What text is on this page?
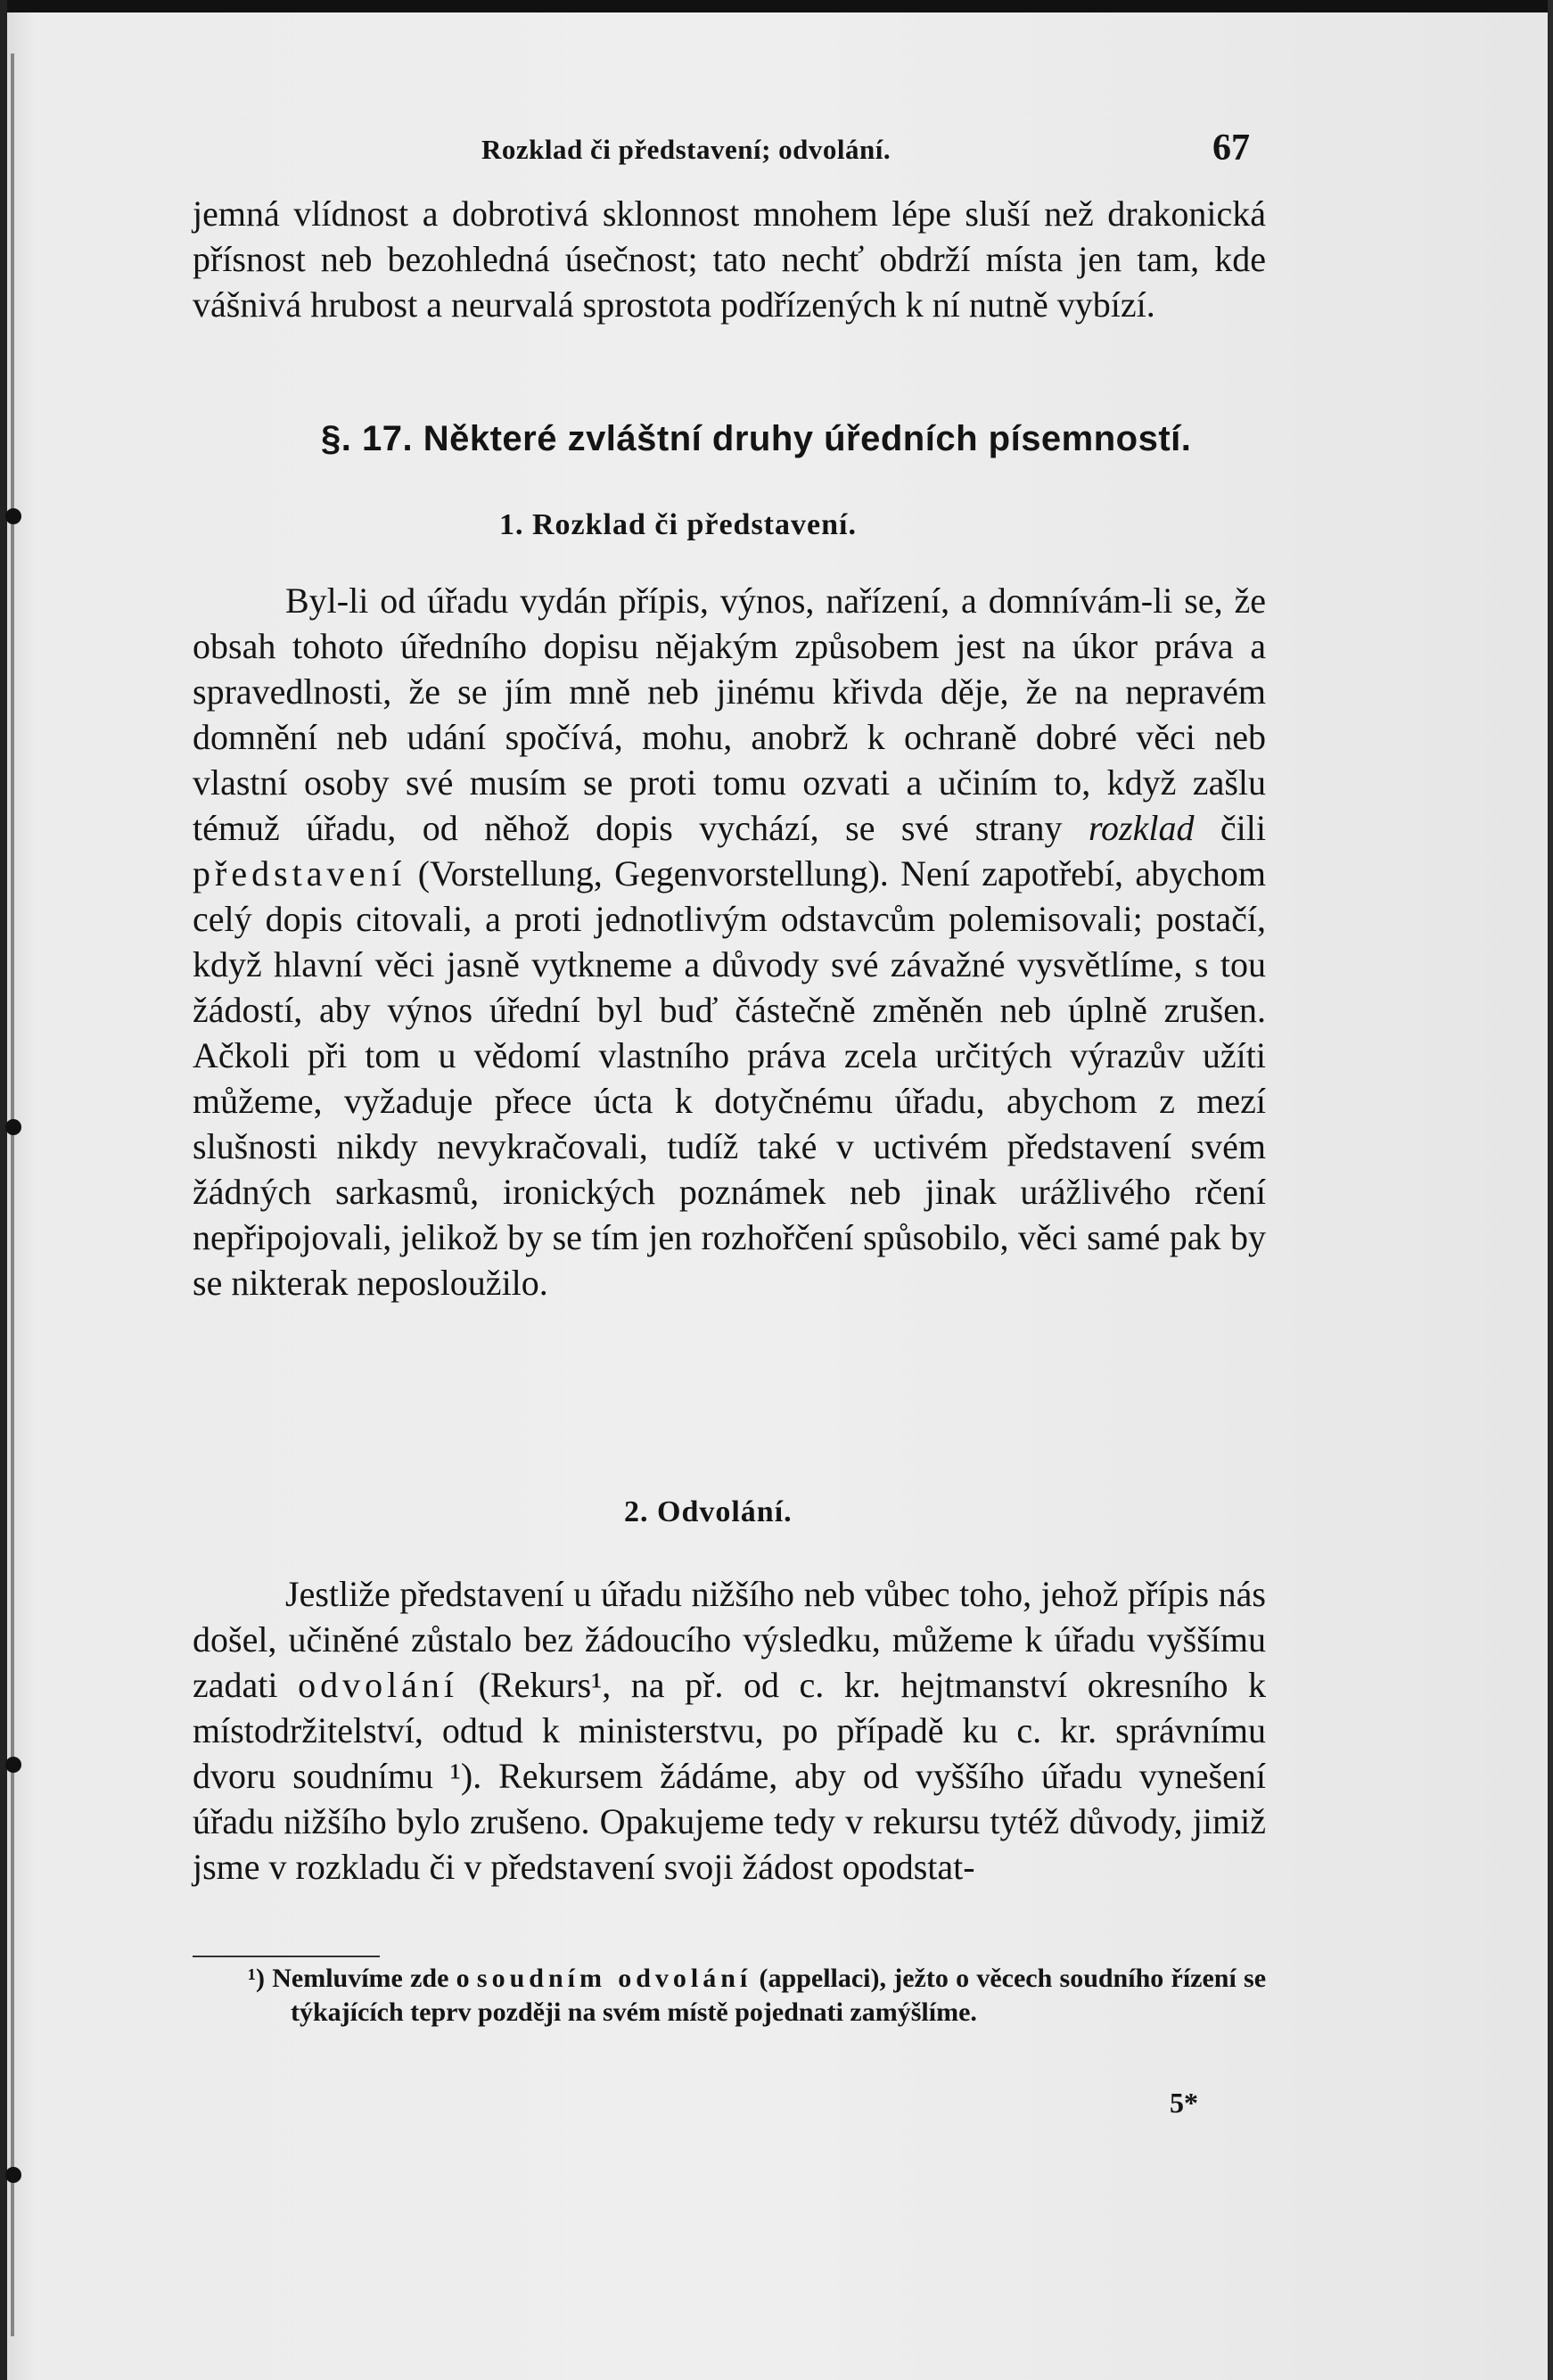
Rozklad či představení; odvolání.	67

jemná vlídnost a dobrotivá sklonnost mnohem lépe sluší než drakonická přísnost neb bezohledná úsečnost; tato nechť obdrží místa jen tam, kde vášnivá hrubost a neurvalá sprostota podřízených k ní nutně vybízí.

§. 17. Některé zvláštní druhy úředních písemností.
1. Rozklad či představení.

Byl-li od úřadu vydán přípis, výnos, nařízení, a domnívám-li se, že obsah tohoto úředního dopisu nějakým způsobem jest na úkor práva a spravedlnosti, že se jím mně neb jinému křivda děje, že na nepravém domnění neb udání spočívá, mohu, anobrž k ochraně dobré věci neb vlastní osoby své musím se proti tomu ozvati a učiním to, když zašlu témuž úřadu, od něhož dopis vychází, se své strany rozklad čili představení (Vorstellung, Gegenvorstellung). Není zapotřebí, abychom celý dopis citovali, a proti jednotlivým odstavcům polemisovali; postačí, když hlavní věci jasně vytkneme a důvody své závažné vysvětlíme, s tou žádostí, aby výnos úřední byl buď částečně změněn neb úplně zrušen. Ačkoli při tom u vědomí vlastního práva zcela určitých výrazův užíti můžeme, vyžaduje přece úcta k dotyčnému úřadu, abychom z mezí slušnosti nikdy nevykračovali, tudíž také v uctivém představení svém žádných sarkasmů, ironických poznámek neb jinak urážlivého rčení nepřipojovali, jelikož by se tím jen rozhořčení spůsobilo, věci samé pak by se nikterak neposloužilo.

2. Odvolání.

Jestliže představení u úřadu nižšího neb vůbec toho, jehož přípis nás došel, učiněné zůstalo bez žádoucího výsledku, můžeme k úřadu vyššímu zadati odvolání (Rekurs¹, na př. od c. kr. hejtmanství okresního k místodržitelství, odtud k ministerstvu, po případě ku c. kr. správnímu dvoru soudnímu ¹). Rekursem žádáme, aby od vyššího úřadu vynešení úřadu nižšího bylo zrušeno. Opakujeme tedy v rekursu tytéž důvody, jimiž jsme v rozkladu či v představení svoji žádost opodstat-

¹) Nemluvíme zde o soudním odvolání (appellaci), ježto o věcech soudního řízení se týkajících teprv později na svém místě pojednati zamýšlíme.
5*
